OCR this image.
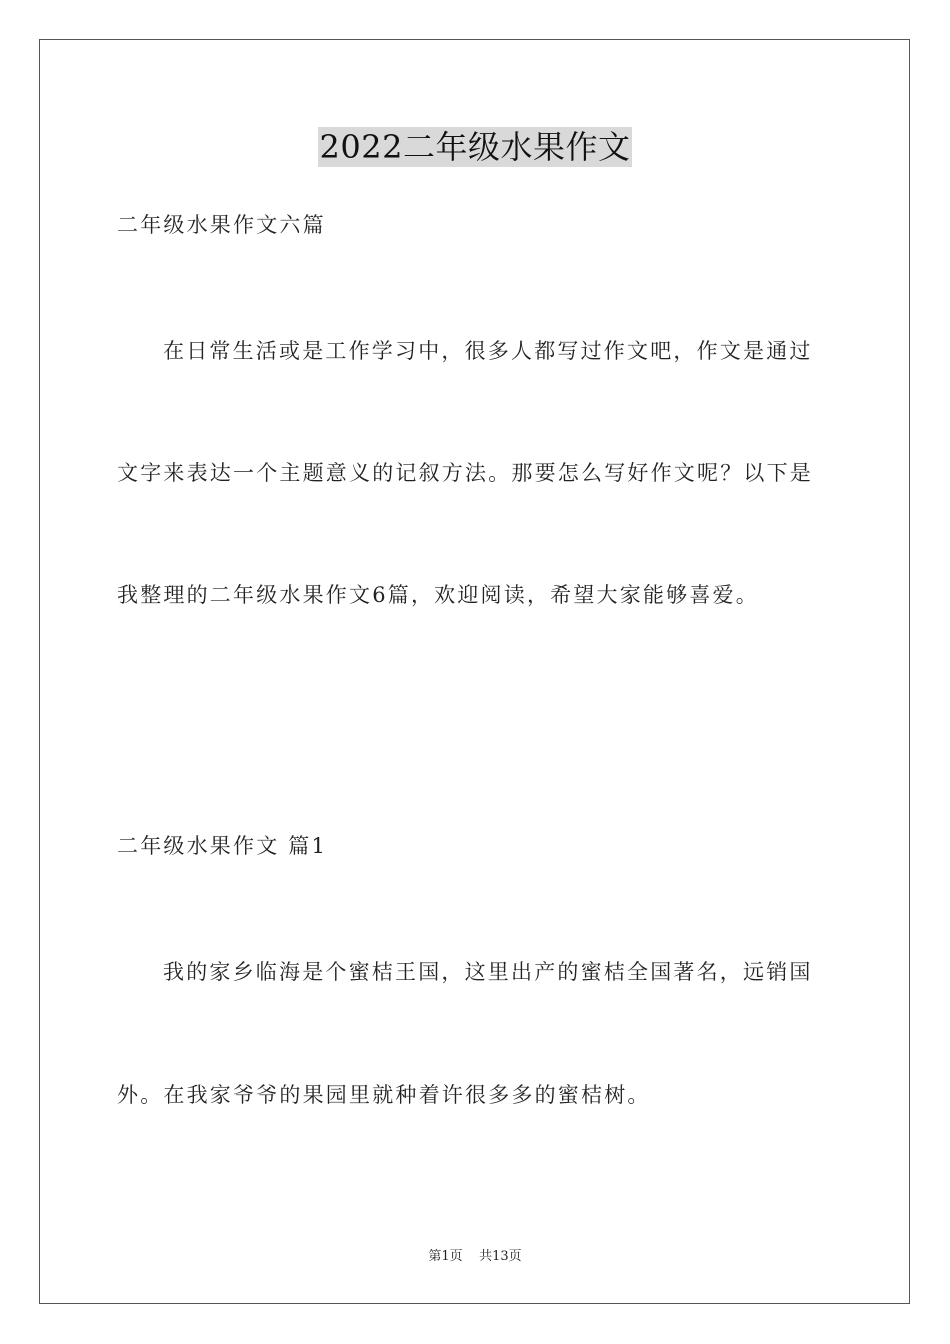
2022二年级水果作文
二年级水果作文六篇
在日常生活或是工作学习中，很多人都写过作文吧，作文是通过
文字来表达一个主题意义的记叙方法。那要怎么写好作文呢？以下是
我整理的二年级水果作文6篇，欢迎阅读，希望大家能够喜爱。
二年级水果作文 篇1
我的家乡临海是个蜜桔王国，这里出产的蜜桔全国著名，远销国
外。在我家爷爷的果园里就种着许很多多的蜜桔树。
第1页 共13页
